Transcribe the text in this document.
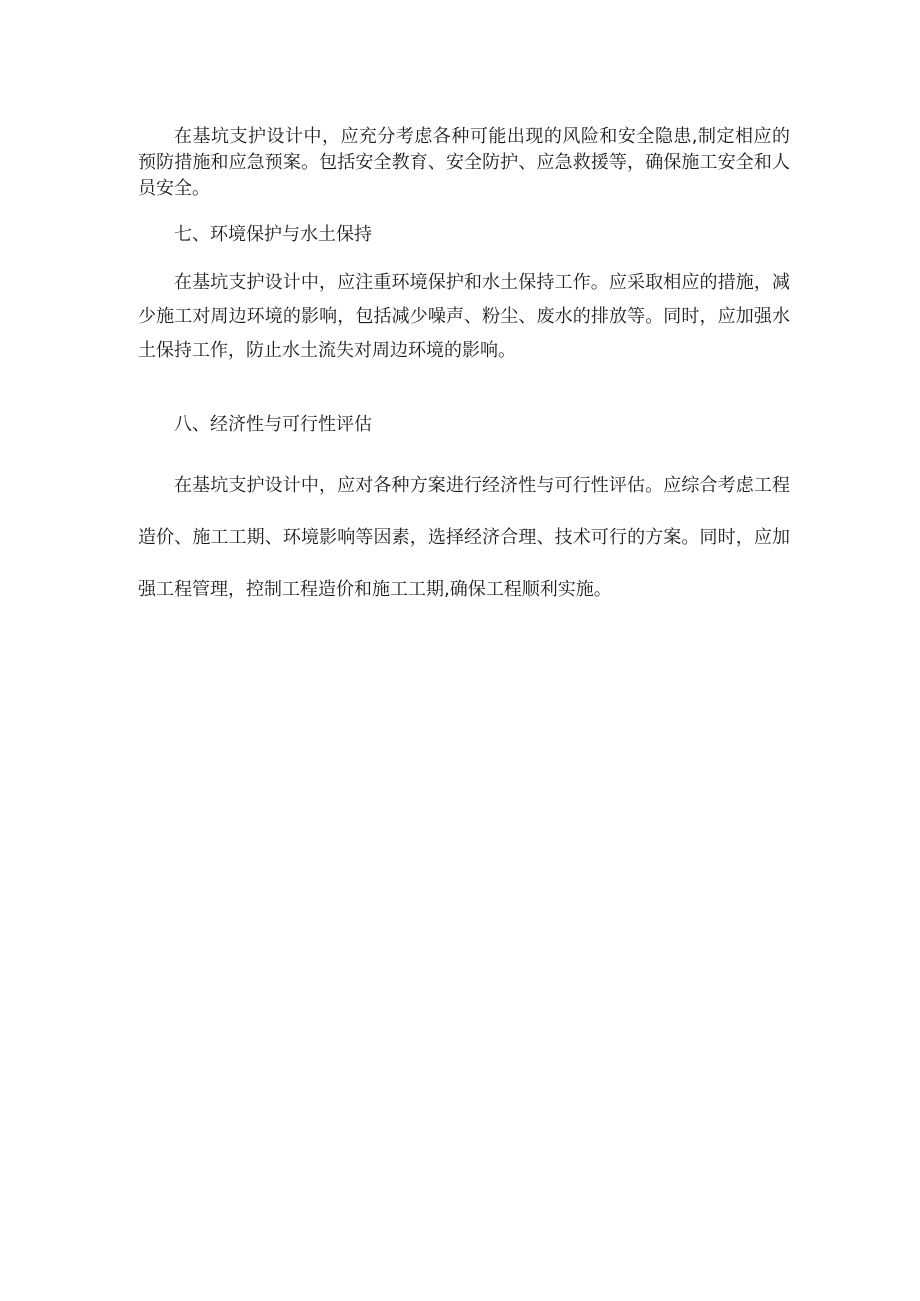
在基坑支护设计中，应充分考虑各种可能出现的风险和安全隐患,制定相应的预防措施和应急预案。包括安全教育、安全防护、应急救援等，确保施工安全和人员安全。

七、环境保护与水土保持

在基坑支护设计中，应注重环境保护和水土保持工作。应采取相应的措施，减少施工对周边环境的影响，包括减少噪声、粉尘、废水的排放等。同时，应加强水土保持工作，防止水土流失对周边环境的影响。

八、经济性与可行性评估

在基坑支护设计中，应对各种方案进行经济性与可行性评估。应综合考虑工程造价、施工工期、环境影响等因素，选择经济合理、技术可行的方案。同时，应加强工程管理，控制工程造价和施工工期,确保工程顺利实施。
